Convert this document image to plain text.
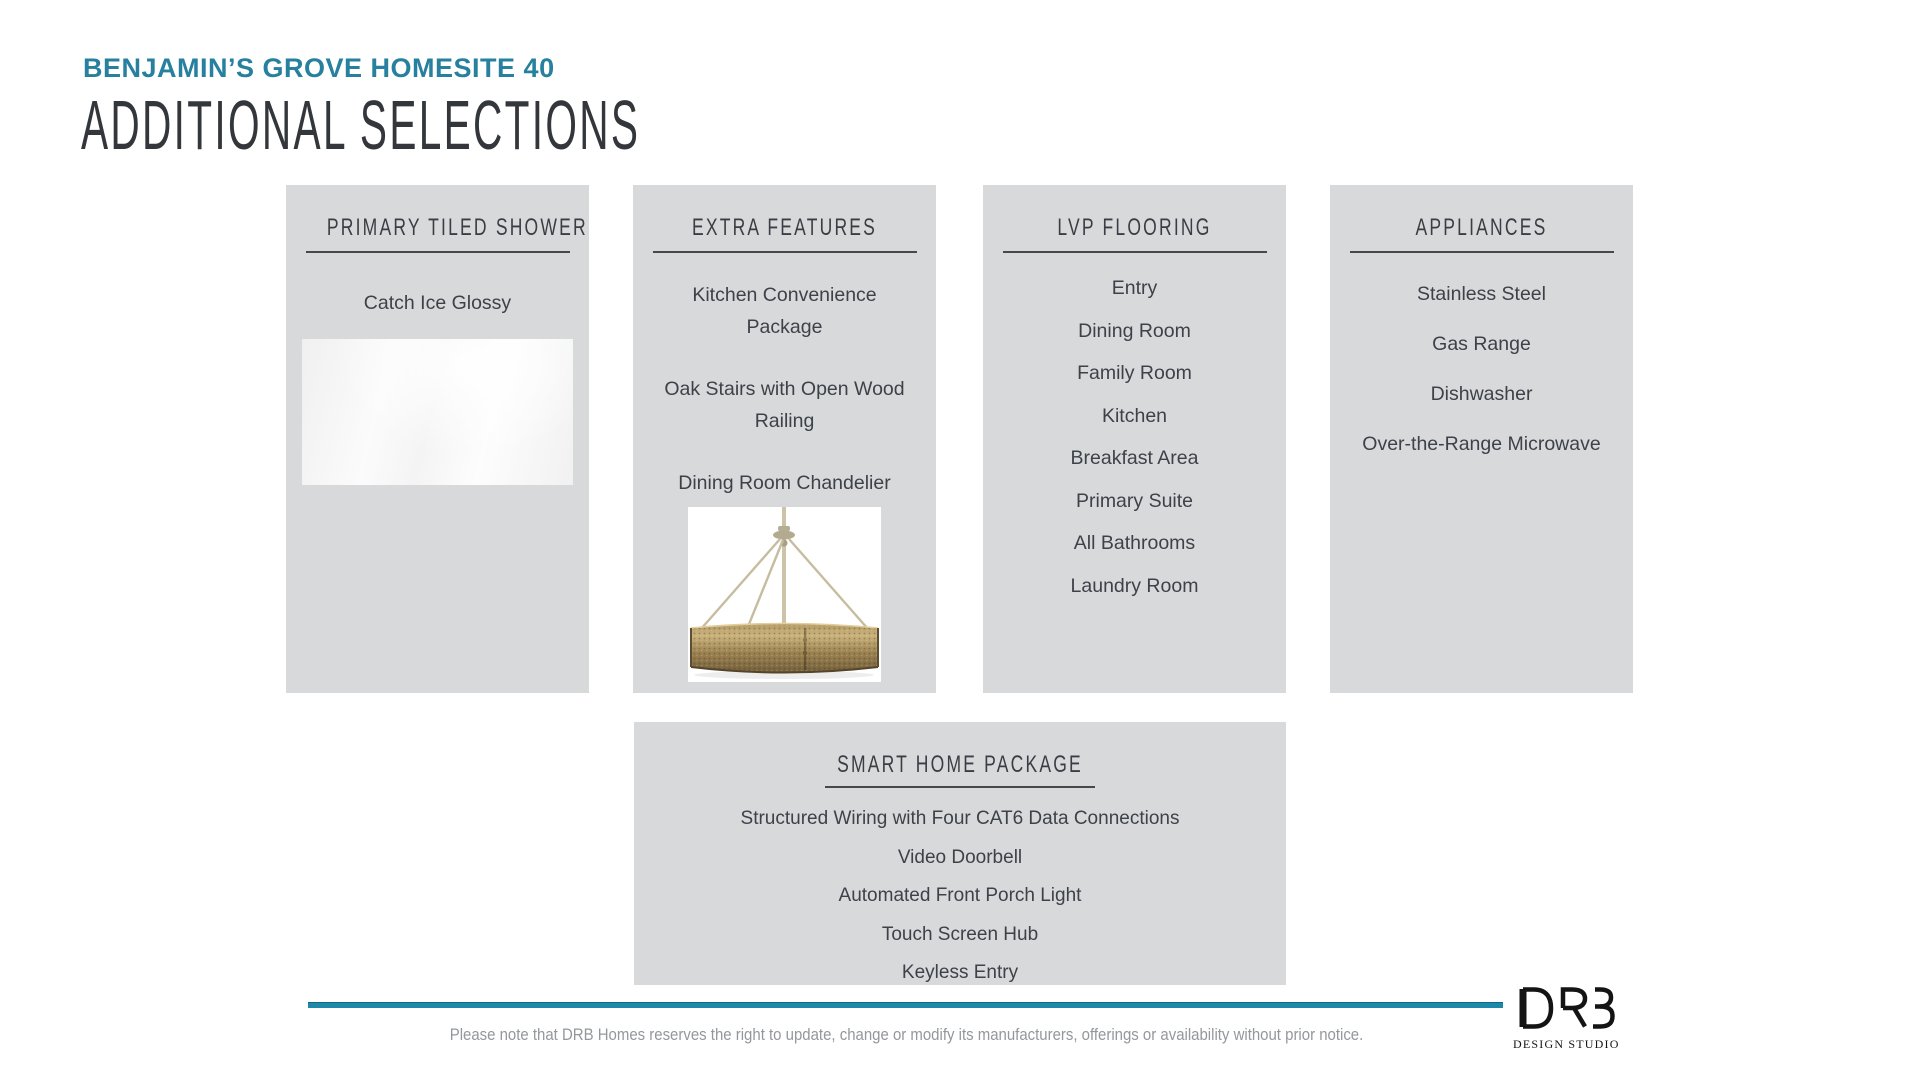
BENJAMIN’S GROVE HOMESITE 40
ADDITIONAL SELECTIONS
PRIMARY TILED SHOWER
Catch Ice Glossy
EXTRA FEATURES
Kitchen Convenience Package
Oak Stairs with Open Wood Railing
Dining Room Chandelier
LVP FLOORING
Entry
Dining Room
Family Room
Kitchen
Breakfast Area
Primary Suite
All Bathrooms
Laundry Room
APPLIANCES
Stainless Steel
Gas Range
Dishwasher
Over-the-Range Microwave
SMART HOME PACKAGE
Structured Wiring with Four CAT6 Data Connections
Video Doorbell
Automated Front Porch Light
Touch Screen Hub
Keyless Entry
Please note that DRB Homes reserves the right to update, change or modify its manufacturers, offerings or availability without prior notice.	DESIGN STUDIO
